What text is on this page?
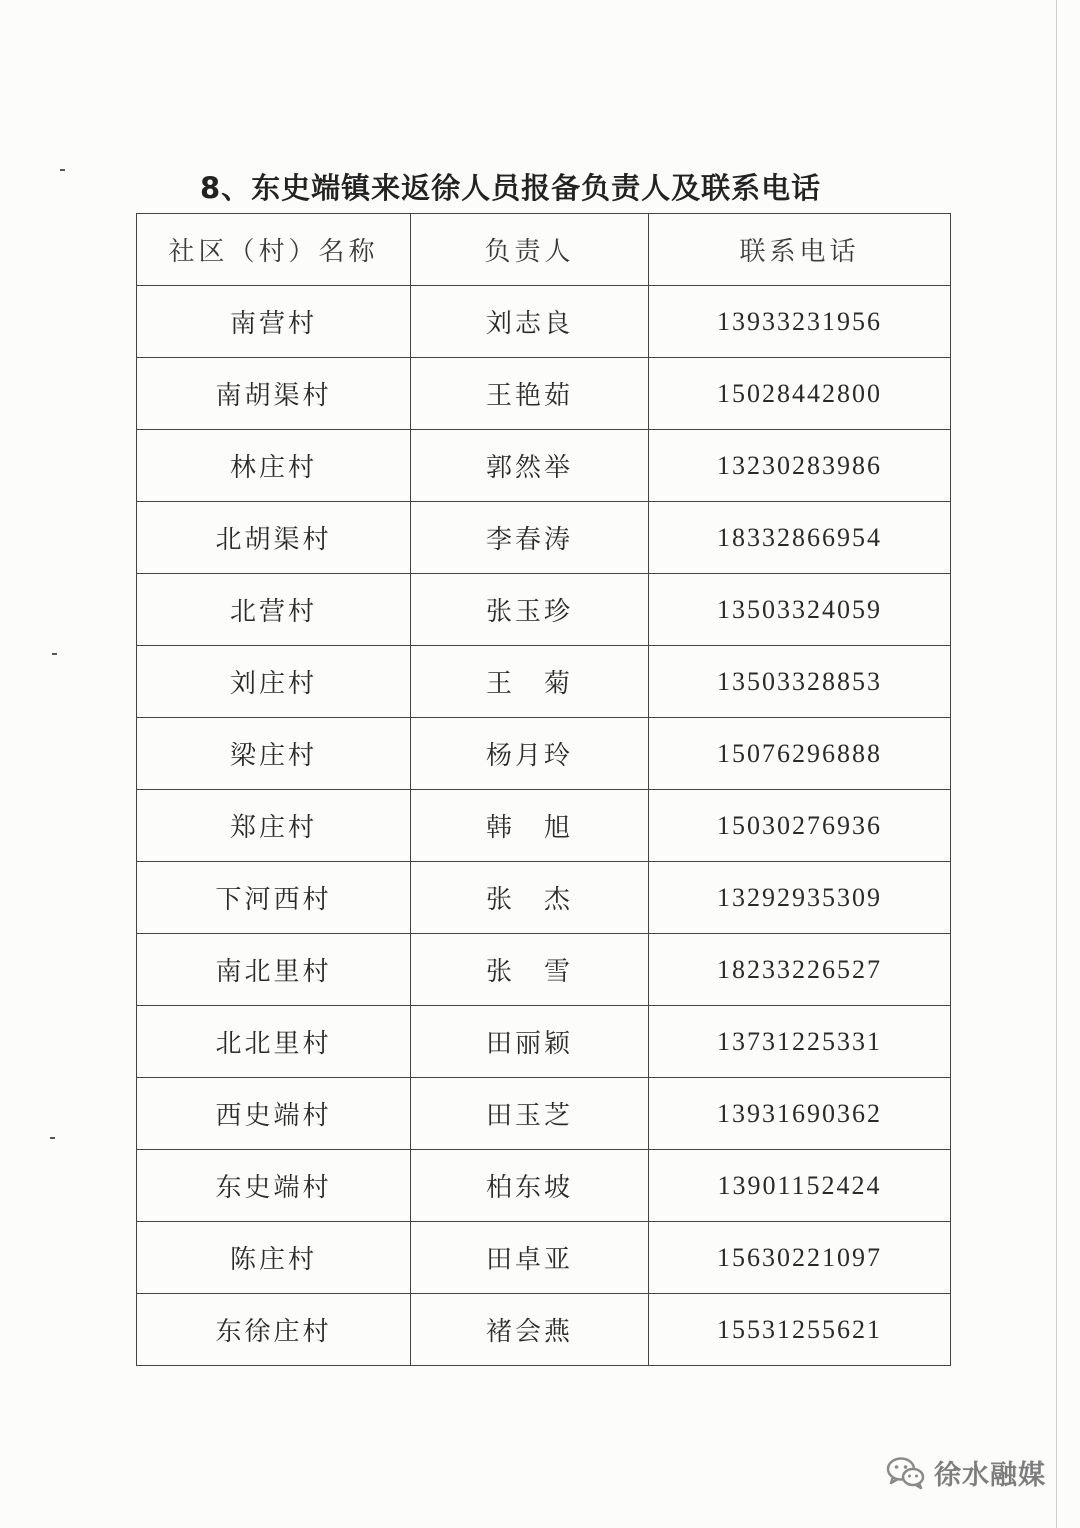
8、东史端镇来返徐人员报备负责人及联系电话
社区（村）名称	负责人	联系电话
南营村	刘志良	13933231956
南胡渠村	王艳茹	15028442800
林庄村	郭然举	13230283986
北胡渠村	李春涛	18332866954
北营村	张玉珍	13503324059
刘庄村	王　菊	13503328853
梁庄村	杨月玲	15076296888
郑庄村	韩　旭	15030276936
下河西村	张　杰	13292935309
南北里村	张　雪	18233226527
北北里村	田丽颖	13731225331
西史端村	田玉芝	13931690362
东史端村	柏东坡	13901152424
陈庄村	田卓亚	15630221097
东徐庄村	褚会燕	15531255621
徐水融媒
